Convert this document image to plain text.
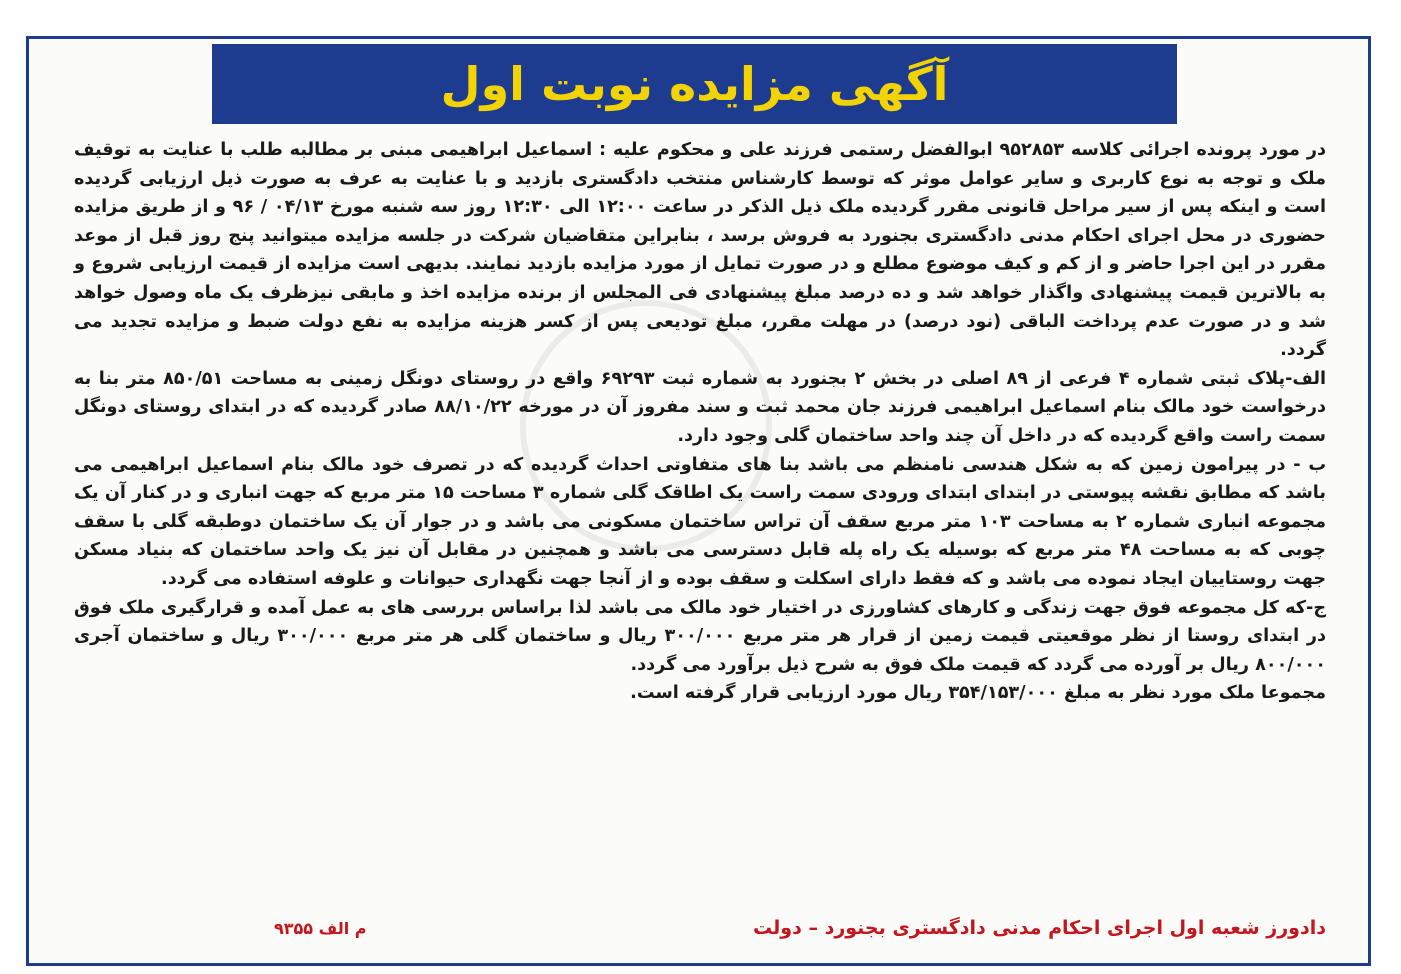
آگهی مزایده نوبت اول

در مورد پرونده اجرائی کلاسه ۹۵۲۸۵۳ ابوالفضل رستمی فرزند علی و محکوم علیه : اسماعیل ابراهیمی مبنی بر مطالبه طلب با عنایت به توقیف ملک و توجه به نوع کاربری و سایر عوامل موثر که توسط کارشناس منتخب دادگستری بازدید و با عنایت به عرف به صورت ذیل ارزیابی گردیده است و اینکه پس از سیر مراحل قانونی مقرر گردیده ملک ذیل الذکر در ساعت ۱۲:۰۰ الی ۱۲:۳۰ روز سه شنبه مورخ ۰۴/۱۳ / ۹۶ و از طریق مزایده حضوری در محل اجرای احکام مدنی دادگستری بجنورد به فروش برسد ، بنابراین متقاضیان شرکت در جلسه مزایده میتوانید پنج روز قبل از موعد مقرر در این اجرا حاضر و از کم و کیف موضوع مطلع و در صورت تمایل از مورد مزایده بازدید نمایند. بدیهی است مزایده از قیمت ارزیابی شروع و به بالاترین قیمت پیشنهادی واگذار خواهد شد و ده درصد مبلغ پیشنهادی فی المجلس از برنده مزایده اخذ و مابقی نیزظرف یک ماه وصول خواهد شد و در صورت عدم پرداخت الباقی (نود درصد) در مهلت مقرر، مبلغ تودیعی پس از کسر هزینه مزایده به نفع دولت ضبط و مزایده تجدید می گردد.

الف-پلاک ثبتی شماره ۴ فرعی از ۸۹ اصلی در بخش ۲ بجنورد به شماره ثبت ۶۹۲۹۳ واقع در روستای دونگل زمینی به مساحت ۸۵۰/۵۱ متر بنا به درخواست خود مالک بنام اسماعیل ابراهیمی فرزند جان محمد ثبت و سند مفروز آن در مورخه ۸۸/۱۰/۲۲ صادر گردیده که در ابتدای روستای دونگل سمت راست واقع گردیده که در داخل آن چند واحد ساختمان گلی وجود دارد.

ب - در پیرامون زمین که به شکل هندسی نامنظم می باشد بنا های متفاوتی احداث گردیده که در تصرف خود مالک بنام اسماعیل ابراهیمی می باشد که مطابق نقشه پیوستی در ابتدای ابتدای ورودی سمت راست یک اطاقک گلی شماره ۳ مساحت ۱۵ متر مربع که جهت انباری و در کنار آن یک مجموعه انباری شماره ۲ به مساحت ۱۰۳ متر مربع سقف آن تراس ساختمان مسکونی می باشد و در جوار آن یک ساختمان دوطبقه گلی با سقف چوبی که به مساحت ۴۸ متر مربع که بوسیله یک راه پله قابل دسترسی می باشد و همچنین در مقابل آن نیز یک واحد ساختمان که بنیاد مسکن جهت روستاییان ایجاد نموده می باشد و که فقط دارای اسکلت و سقف بوده و از آنجا جهت نگهداری حیوانات و علوفه استفاده می گردد.

ج-که کل مجموعه فوق جهت زندگی و کارهای کشاورزی در اختیار خود مالک می باشد لذا براساس بررسی های به عمل آمده و قرارگیری ملک فوق در ابتدای روستا از نظر موقعیتی قیمت زمین از قرار هر متر مربع ۳۰۰/۰۰۰ ریال و ساختمان گلی هر متر مربع ۳۰۰/۰۰۰ ریال و ساختمان آجری ۸۰۰/۰۰۰ ریال بر آورده می گردد که قیمت ملک فوق به شرح ذیل برآورد می گردد.

مجموعا ملک مورد نظر به مبلغ ۳۵۴/۱۵۳/۰۰۰ ریال مورد ارزیابی قرار گرفته است.

دادورز شعبه اول اجرای احکام مدنی دادگستری بجنورد – دولت
م الف ۹۳۵۵
